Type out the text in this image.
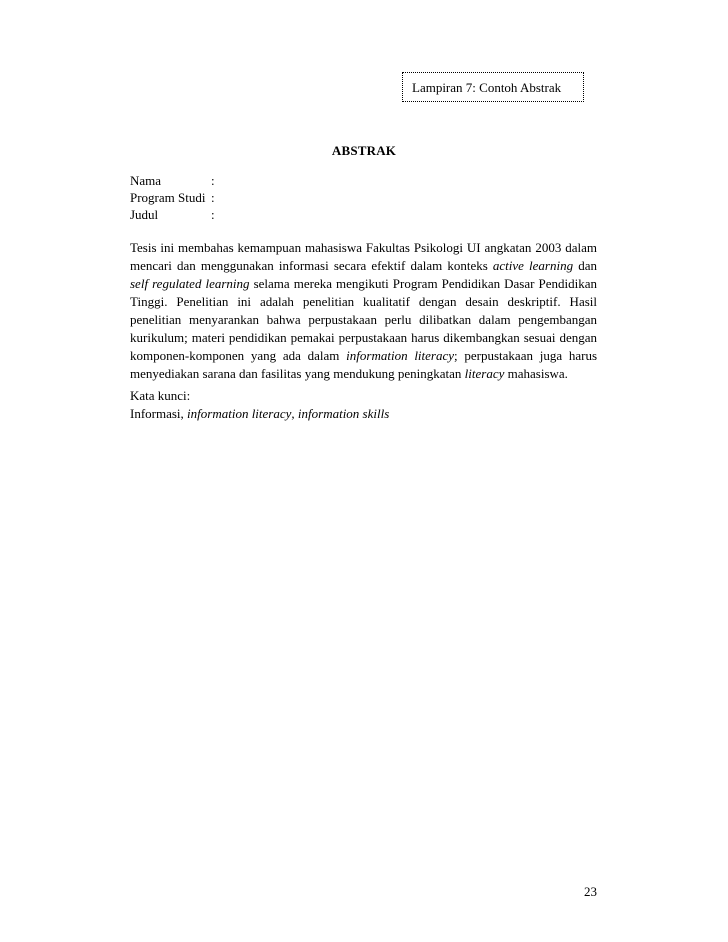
Lampiran 7: Contoh Abstrak
ABSTRAK
Nama	:
Program Studi :
Judul	:
Tesis ini membahas kemampuan mahasiswa Fakultas Psikologi UI angkatan 2003 dalam mencari dan menggunakan informasi secara efektif dalam konteks active learning dan self regulated learning selama mereka mengikuti Program Pendidikan Dasar Pendidikan Tinggi. Penelitian ini adalah penelitian kualitatif dengan desain deskriptif. Hasil penelitian menyarankan bahwa perpustakaan perlu dilibatkan dalam pengembangan kurikulum; materi pendidikan pemakai perpustakaan harus dikembangkan sesuai dengan komponen-komponen yang ada dalam information literacy; perpustakaan juga harus menyediakan sarana dan fasilitas yang mendukung peningkatan literacy mahasiswa.
Kata kunci:
Informasi, information literacy, information skills
23
